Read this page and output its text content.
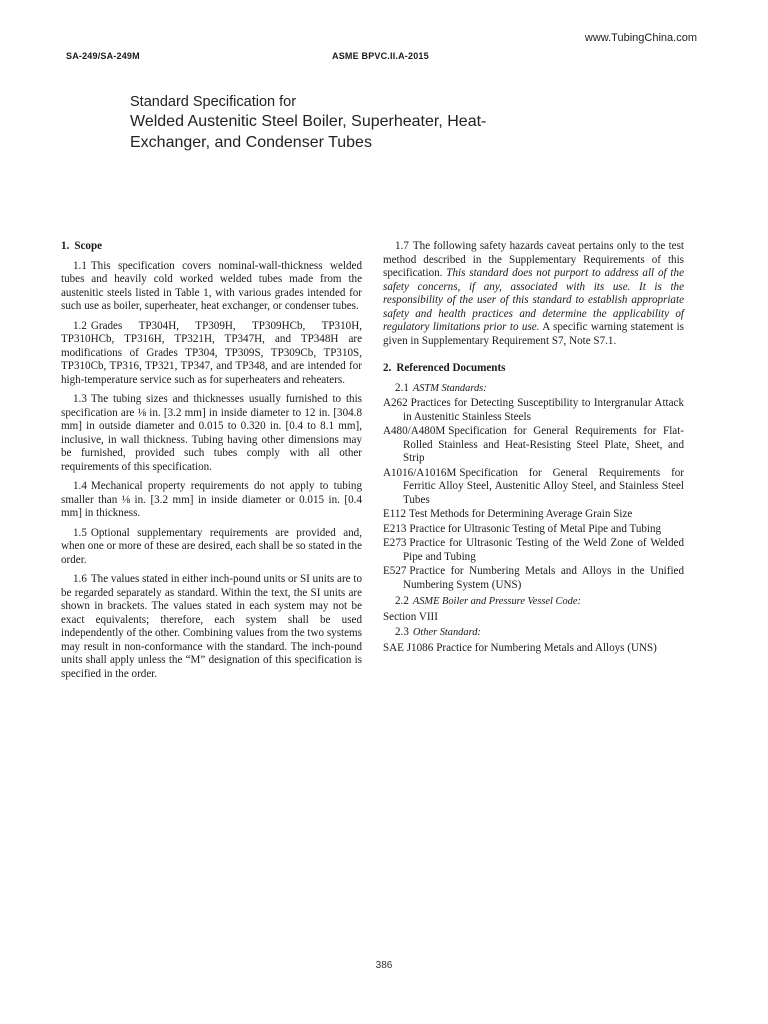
www.TubingChina.com
SA-249/SA-249M	ASME BPVC.II.A-2015
Standard Specification for
Welded Austenitic Steel Boiler, Superheater, Heat-
Exchanger, and Condenser Tubes
1. Scope

1.1 This specification covers nominal-wall-thickness welded tubes and heavily cold worked welded tubes made from the austenitic steels listed in Table 1, with various grades intended for such use as boiler, superheater, heat exchanger, or condenser tubes.

1.2 Grades TP304H, TP309H, TP309HCb, TP310H, TP310HCb, TP316H, TP321H, TP347H, and TP348H are modifications of Grades TP304, TP309S, TP309Cb, TP310S, TP310Cb, TP316, TP321, TP347, and TP348, and are intended for high-temperature service such as for superheaters and reheaters.

1.3 The tubing sizes and thicknesses usually furnished to this specification are ⅛ in. [3.2 mm] in inside diameter to 12 in. [304.8 mm] in outside diameter and 0.015 to 0.320 in. [0.4 to 8.1 mm], inclusive, in wall thickness. Tubing having other dimensions may be furnished, provided such tubes comply with all other requirements of this specification.

1.4 Mechanical property requirements do not apply to tubing smaller than ⅛ in. [3.2 mm] in inside diameter or 0.015 in. [0.4 mm] in thickness.

1.5 Optional supplementary requirements are provided and, when one or more of these are desired, each shall be so stated in the order.

1.6 The values stated in either inch-pound units or SI units are to be regarded separately as standard. Within the text, the SI units are shown in brackets. The values stated in each system may not be exact equivalents; therefore, each system shall be used independently of the other. Combining values from the two systems may result in non-conformance with the standard. The inch-pound units shall apply unless the “M” designation of this specification is specified in the order.

1.7 The following safety hazards caveat pertains only to the test method described in the Supplementary Requirements of this specification. This standard does not purport to address all of the safety concerns, if any, associated with its use. It is the responsibility of the user of this standard to establish appropriate safety and health practices and determine the applicability of regulatory limitations prior to use. A specific warning statement is given in Supplementary Requirement S7, Note S7.1.

2. Referenced Documents
2.1 ASTM Standards:
A262 Practices for Detecting Susceptibility to Intergranular Attack in Austenitic Stainless Steels
A480/A480M Specification for General Requirements for Flat-Rolled Stainless and Heat-Resisting Steel Plate, Sheet, and Strip
A1016/A1016M Specification for General Requirements for Ferritic Alloy Steel, Austenitic Alloy Steel, and Stainless Steel Tubes
E112 Test Methods for Determining Average Grain Size
E213 Practice for Ultrasonic Testing of Metal Pipe and Tubing
E273 Practice for Ultrasonic Testing of the Weld Zone of Welded Pipe and Tubing
E527 Practice for Numbering Metals and Alloys in the Unified Numbering System (UNS)
2.2 ASME Boiler and Pressure Vessel Code:
Section VIII
2.3 Other Standard:
SAE J1086 Practice for Numbering Metals and Alloys (UNS)
386
